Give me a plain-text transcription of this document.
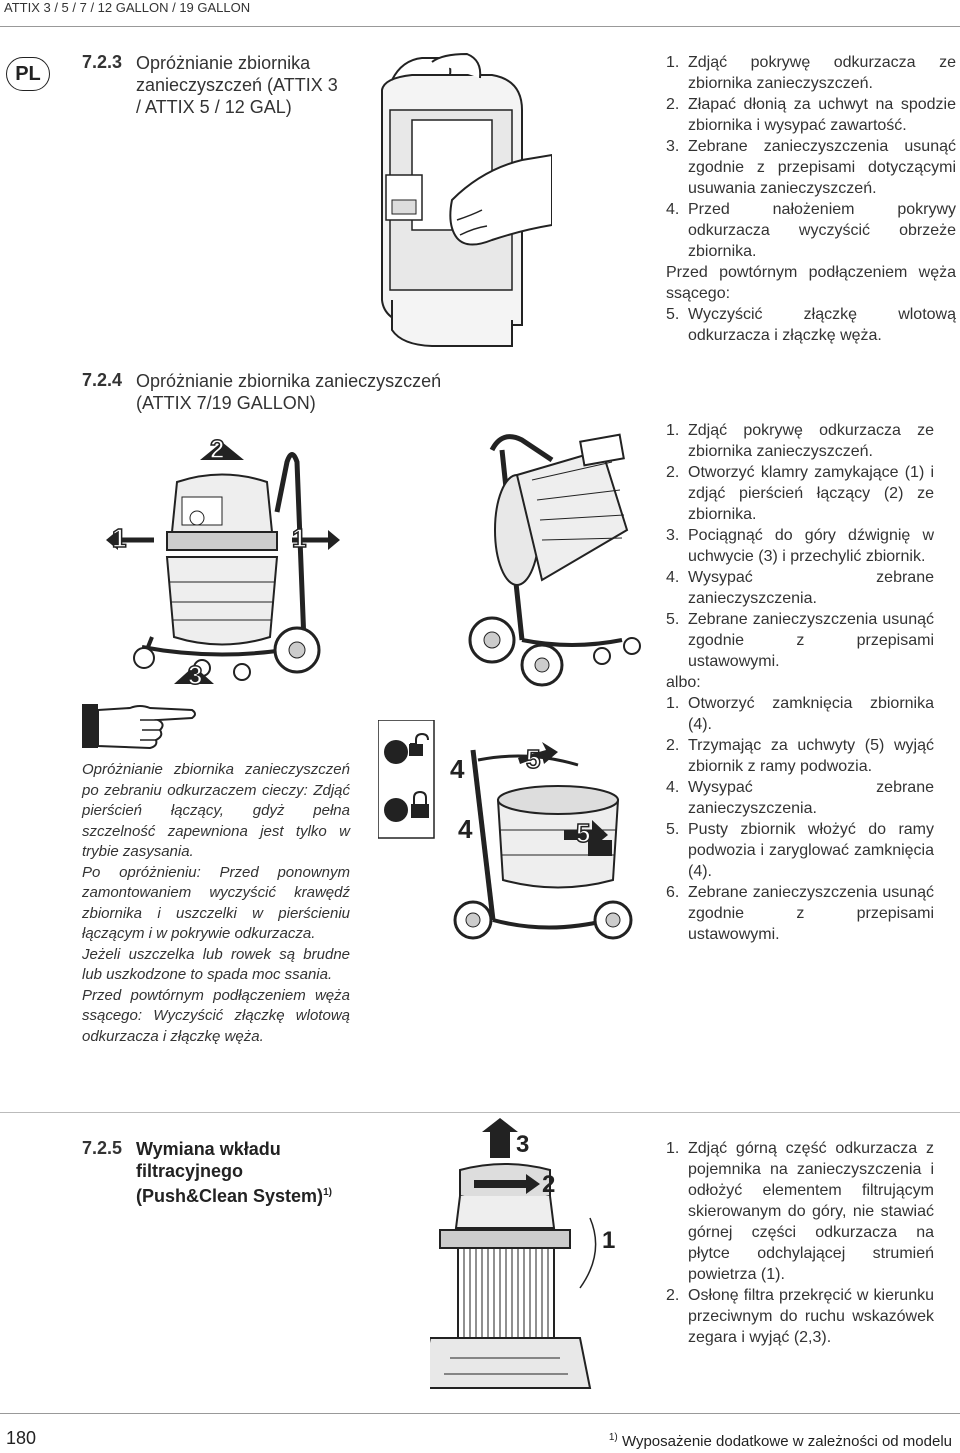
ATTIX 3 / 5 / 7 / 12 GALLON / 19 GALLON
PL
7.2.3 Opróżnianie zbiornika
zanieczyszczeń (ATTIX 3
/ ATTIX 5 / 12 GAL)
1. Zdjąć pokrywę odkurzacza ze zbiornika zanieczyszczeń.
2. Złapać dłonią za uchwyt na spodzie zbiornika i wysypać zawartość.
3. Zebrane zanieczyszczenia usunąć zgodnie z przepisami dotyczącymi usuwania zanieczyszczeń.
4. Przed nałożeniem pokrywy odkurzacza wyczyścić obrzeże zbiornika.
Przed powtórnym podłączeniem węża ssącego:
5. Wyczyścić złączkę wlotową odkurzacza i złączkę węża.
7.2.4 Opróżnianie zbiornika zanieczyszczeń
(ATTIX 7/19 GALLON)
1
2
1
3

Opróżnianie zbiornika zanieczyszczeń po zebraniu odkurzaczem cieczy: Zdjąć pierścień łączący, gdyż pełna szczelność zapewniona jest tylko w trybie zasysania.

Po opróżnieniu: Przed ponownym zamontowaniem wyczyścić krawędź zbiornika i uszczelki w pierścieniu łączącym i w pokrywie odkurzacza.

Jeżeli uszczelka lub rowek są brudne lub uszkodzone to spada moc ssania.

Przed powtórnym podłączeniem węża ssącego: Wyczyścić złączkę wlotową odkurzacza i złączkę węża.

1. Zdjąć pokrywę odkurzacza ze zbiornika zanieczyszczeń.
2. Otworzyć klamry zamykające (1) i zdjąć pierścień łączący (2) ze zbiornika.
3. Pociągnąć do góry dźwignię w uchwycie (3) i przechylić zbiornik.
4. Wysypać zebrane zanieczyszczenia.
5. Zebrane zanieczyszczenia usunąć zgodnie z przepisami ustawowymi.
albo:
1. Otworzyć zamknięcia zbiornika (4).
2. Trzymając za uchwyty (5) wyjąć zbiornik z ramy podwozia.
4. Wysypać zebrane zanieczyszczenia.
5. Pusty zbiornik włożyć do ramy podwozia i zaryglować zamknięcia (4).
6. Zebrane zanieczyszczenia usunąć zgodnie z przepisami ustawowymi.
4 5
4	5
7.2.5 Wymiana wkładu
filtracyjnego
(Push&Clean System)$^{1)}$
3
2
1
1. Zdjąć górną część odkurzacza z pojemnika na zanieczyszczenia i odłożyć elementem filtrującym skierowanym do góry, nie stawiać górnej części odkurzacza na płytce odchylającej strumień powietrza (1).
2. Osłonę filtra przekręcić w kierunku przeciwnym do ruchu wskazówek zegara i wyjąć (2,3).
180	$^{1)}$ Wyposażenie dodatkowe w zależności od modelu
